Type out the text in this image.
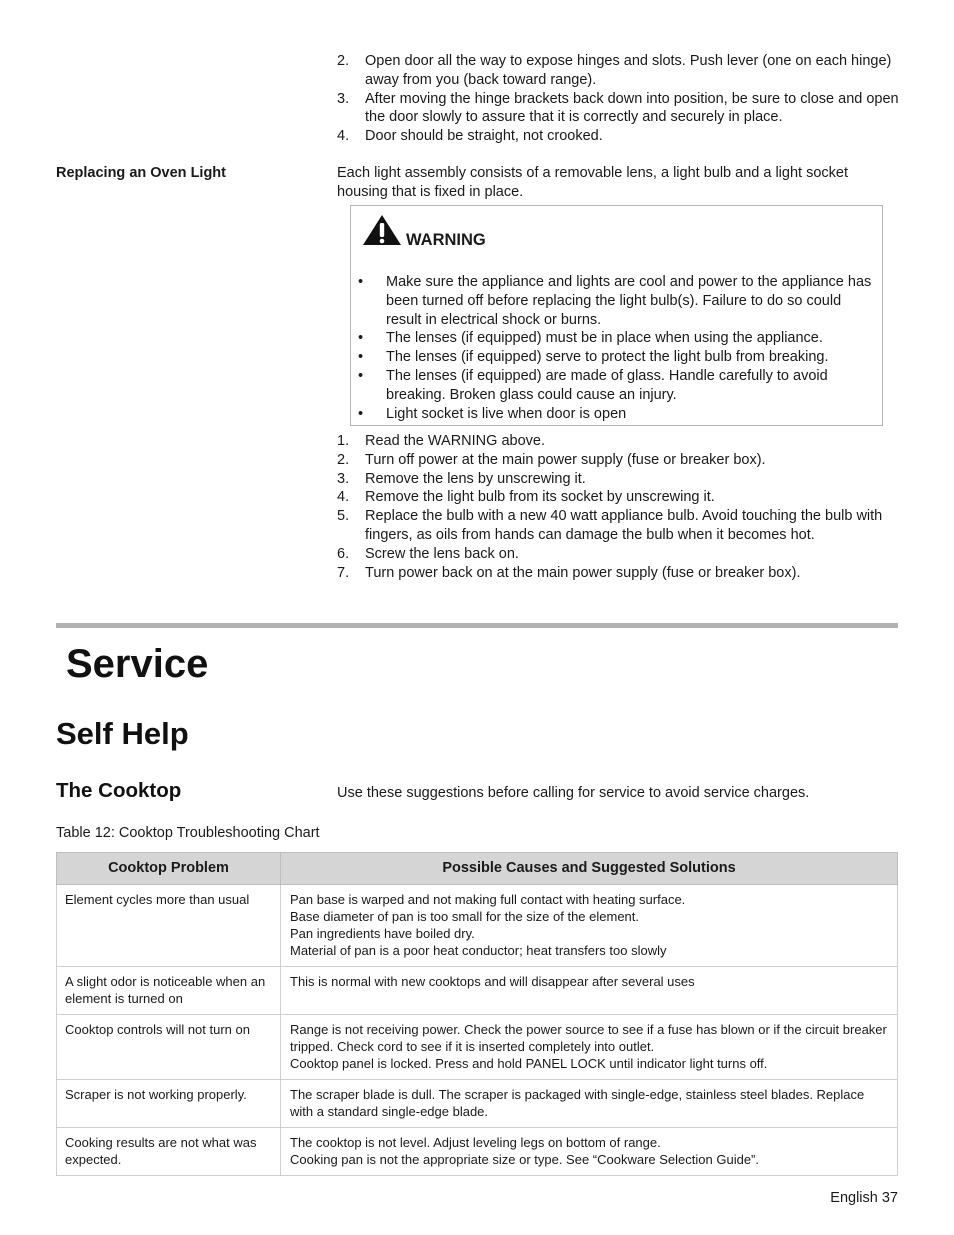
2. Open door all the way to expose hinges and slots. Push lever (one on each hinge) away from you (back toward range).
3. After moving the hinge brackets back down into position, be sure to close and open the door slowly to assure that it is correctly and securely in place.
4. Door should be straight, not crooked.
Replacing an Oven Light	Each light assembly consists of a removable lens, a light bulb and a light socket housing that is fixed in place.
WARNING
• Make sure the appliance and lights are cool and power to the appliance has been turned off before replacing the light bulb(s). Failure to do so could result in electrical shock or burns.
• The lenses (if equipped) must be in place when using the appliance.
• The lenses (if equipped) serve to protect the light bulb from breaking.
• The lenses (if equipped) are made of glass. Handle carefully to avoid breaking. Broken glass could cause an injury.
• Light socket is live when door is open
1. Read the WARNING above.
2. Turn off power at the main power supply (fuse or breaker box).
3. Remove the lens by unscrewing it.
4. Remove the light bulb from its socket by unscrewing it.
5. Replace the bulb with a new 40 watt appliance bulb. Avoid touching the bulb with fingers, as oils from hands can damage the bulb when it becomes hot.
6. Screw the lens back on.
7. Turn power back on at the main power supply (fuse or breaker box).
Service
Self Help
The Cooktop	Use these suggestions before calling for service to avoid service charges.
Table 12: Cooktop Troubleshooting Chart
Cooktop Problem	Possible Causes and Suggested Solutions
Element cycles more than usual	Pan base is warped and not making full contact with heating surface.
Base diameter of pan is too small for the size of the element.
Pan ingredients have boiled dry.
Material of pan is a poor heat conductor; heat transfers too slowly

A slight odor is noticeable when an element is turned on	This is normal with new cooktops and will disappear after several uses

Cooktop controls will not turn on	Range is not receiving power. Check the power source to see if a fuse has blown or if the circuit breaker tripped. Check cord to see if it is inserted completely into outlet.
Cooktop panel is locked. Press and hold PANEL LOCK until indicator light turns off.

Scraper is not working properly.	The scraper blade is dull. The scraper is packaged with single-edge, stainless steel blades. Replace with a standard single-edge blade.

Cooking results are not what was expected.	The cooktop is not level. Adjust leveling legs on bottom of range.
Cooking pan is not the appropriate size or type. See “Cookware Selection Guide”.
English 37
